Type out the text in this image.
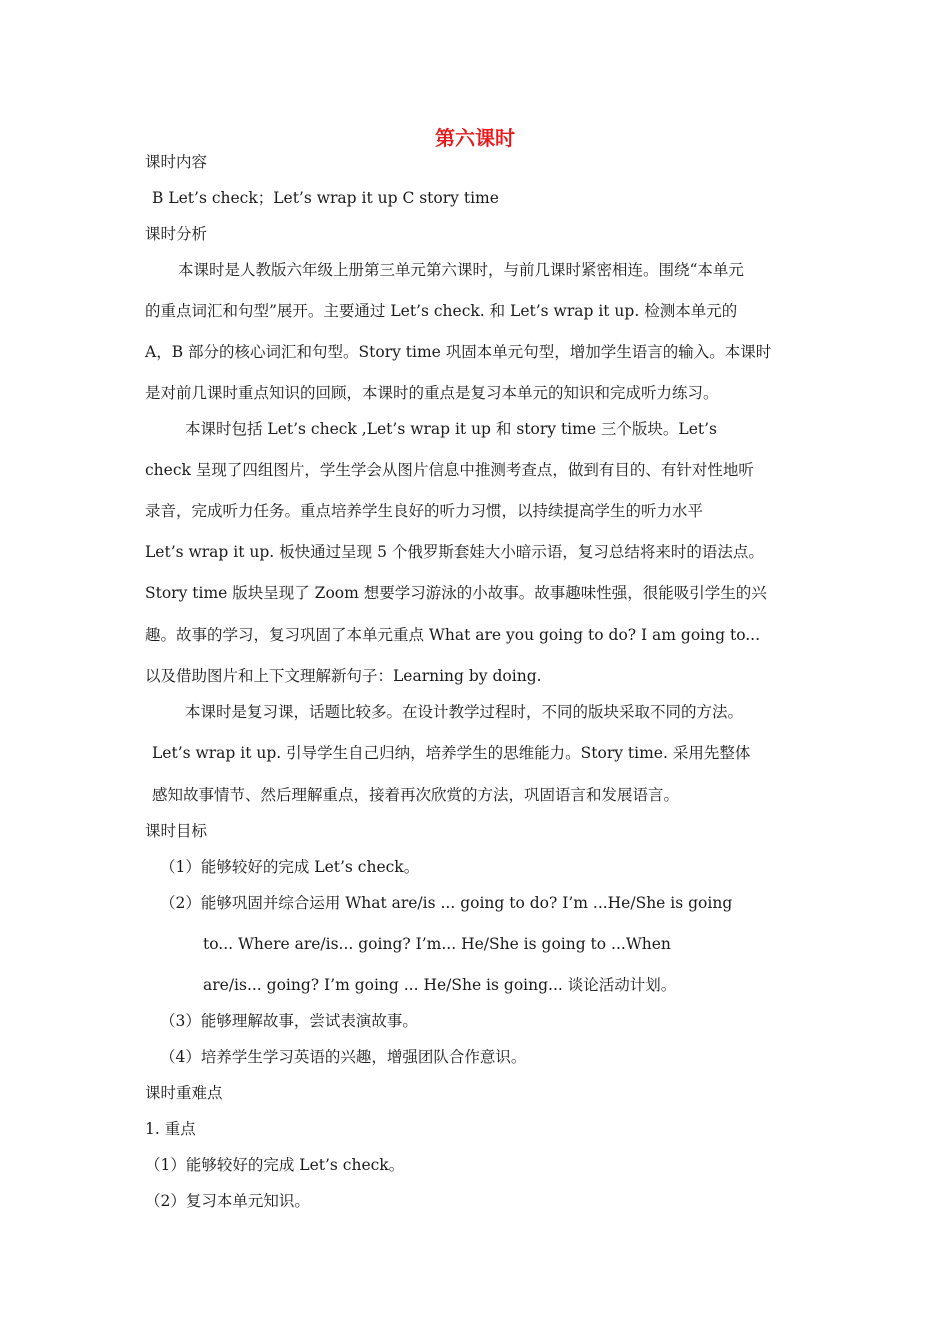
第六课时
课时内容
B Let’s check；Let’s wrap it up C story time
课时分析
本课时是人教版六年级上册第三单元第六课时，与前几课时紧密相连。围绕“本单元
的重点词汇和句型”展开。主要通过 Let’s check. 和 Let’s wrap it up. 检测本单元的
A，B 部分的核心词汇和句型。Story time 巩固本单元句型，增加学生语言的输入。本课时
是对前几课时重点知识的回顾，本课时的重点是复习本单元的知识和完成听力练习。
本课时包括 Let’s check ,Let’s wrap it up 和 story time 三个版块。Let’s
check 呈现了四组图片，学生学会从图片信息中推测考查点，做到有目的、有针对性地听
录音，完成听力任务。重点培养学生良好的听力习惯，以持续提高学生的听力水平
Let’s wrap it up. 板快通过呈现 5 个俄罗斯套娃大小暗示语，复习总结将来时的语法点。
Story time 版块呈现了 Zoom 想要学习游泳的小故事。故事趣味性强，很能吸引学生的兴
趣。故事的学习，复习巩固了本单元重点 What are you going to do? I am going to...
以及借助图片和上下文理解新句子：Learning by doing.
本课时是复习课，话题比较多。在设计教学过程时，不同的版块采取不同的方法。
Let’s wrap it up. 引导学生自己归纳，培养学生的思维能力。Story time. 采用先整体
感知故事情节、然后理解重点，接着再次欣赏的方法，巩固语言和发展语言。
课时目标
（1）能够较好的完成 Let’s check。
（2）能够巩固并综合运用 What are/is ... going to do? I’m ...He/She is going
to... Where are/is... going? I’m... He/She is going to ...When
are/is... going? I’m going ... He/She is going... 谈论活动计划。
（3）能够理解故事，尝试表演故事。
（4）培养学生学习英语的兴趣，增强团队合作意识。
课时重难点
1. 重点
（1）能够较好的完成 Let’s check。
（2）复习本单元知识。
